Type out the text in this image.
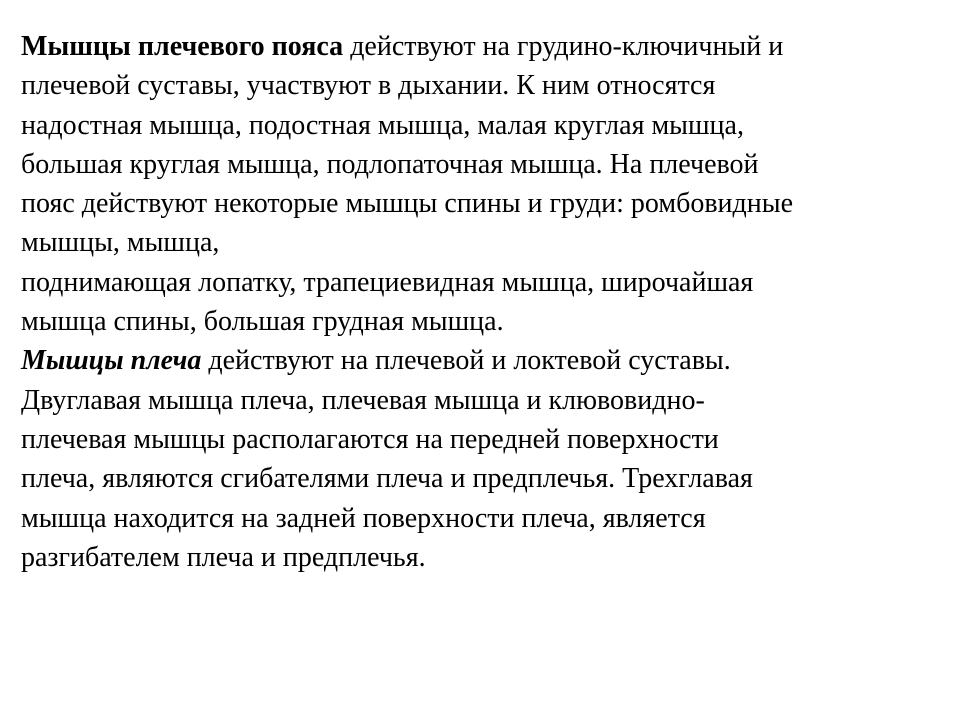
Мышцы плечевого пояса действуют на грудино-ключичный и
плечевой суставы, участвуют в дыхании. К ним относятся
надостная мышца, подостная мышца, малая круглая мышца,
большая круглая мышца, подлопаточная мышца. На плечевой
пояс действуют некоторые мышцы спины и груди: ромбовидные
мышцы, мышца,
поднимающая лопатку, трапециевидная мышца, широчайшая
мышца спины, большая грудная мышца.
Мышцы плеча действуют на плечевой и локтевой суставы.
Двуглавая мышца плеча, плечевая мышца и клювовидно-
плечевая мышцы располагаются на передней поверхности
плеча, являются сгибателями плеча и предплечья. Трехглавая
мышца находится на задней поверхности плеча, является
разгибателем плеча и предплечья.
